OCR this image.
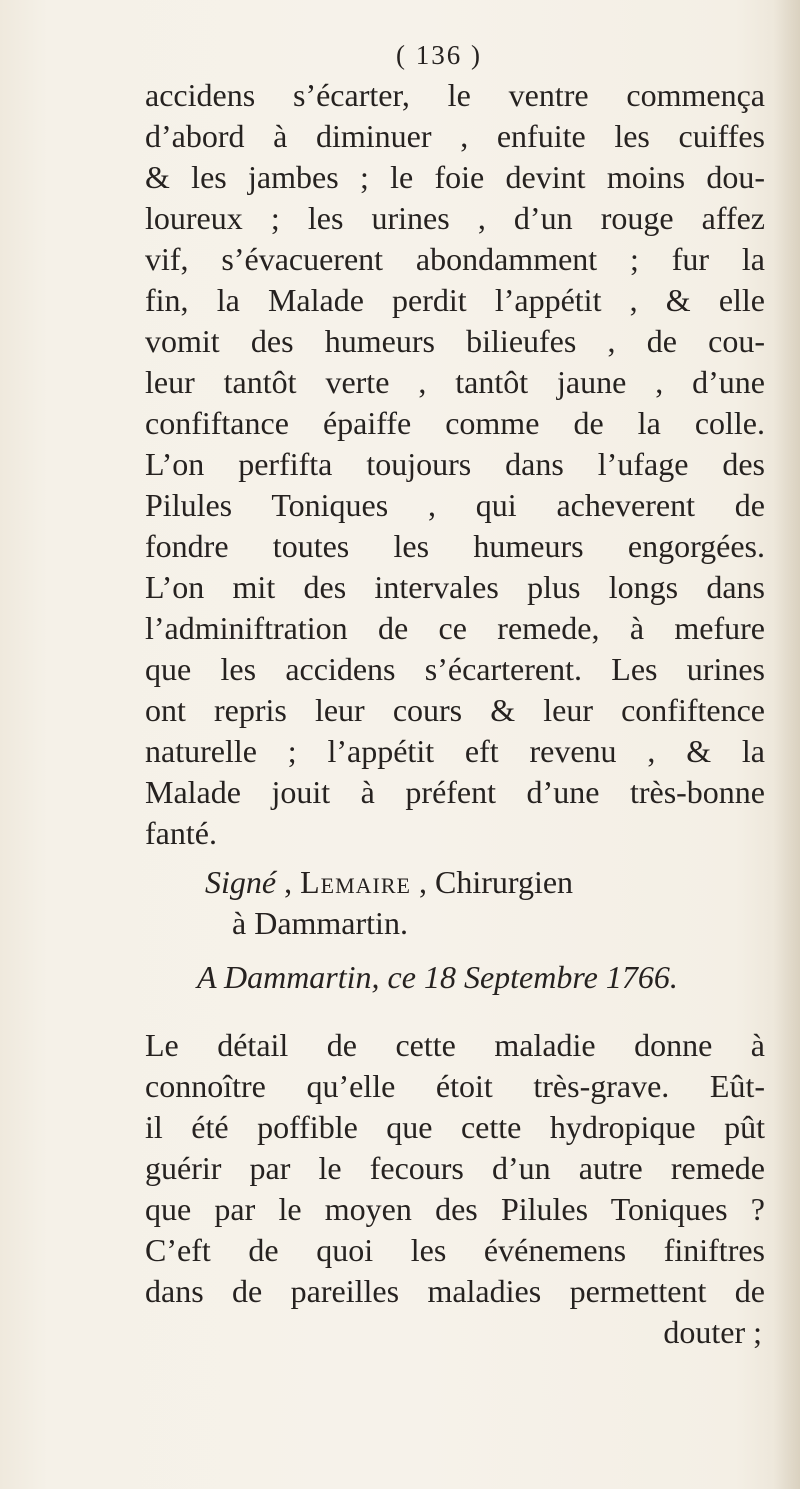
( 136 )
accidens s’écarter, le ventre commença
d’abord à diminuer , enfuite les cuiffes
& les jambes ; le foie devint moins dou-
loureux ; les urines , d’un rouge affez
vif, s’évacuerent abondamment ; fur la
fin, la Malade perdit l’appétit , & elle
vomit des humeurs bilieufes , de cou-
leur tantôt verte , tantôt jaune , d’une
confiftance épaiffe comme de la colle.
L’on perfifta toujours dans l’ufage des
Pilules Toniques , qui acheverent de
fondre toutes les humeurs engorgées.
L’on mit des intervales plus longs dans
l’adminiftration de ce remede, à mefure
que les accidens s’écarterent. Les urines
ont repris leur cours & leur confiftence
naturelle ; l’appétit eft revenu , & la
Malade jouit à préfent d’une très-bonne
fanté.
Signé , Lemaire , Chirurgien
à Dammartin.
A Dammartin, ce 18 Septembre 1766.
Le détail de cette maladie donne à
connoître qu’elle étoit très-grave. Eût-
il été poffible que cette hydropique pût
guérir par le fecours d’un autre remede
que par le moyen des Pilules Toniques ?
C’eft de quoi les événemens finiftres
dans de pareilles maladies permettent de
douter ;
